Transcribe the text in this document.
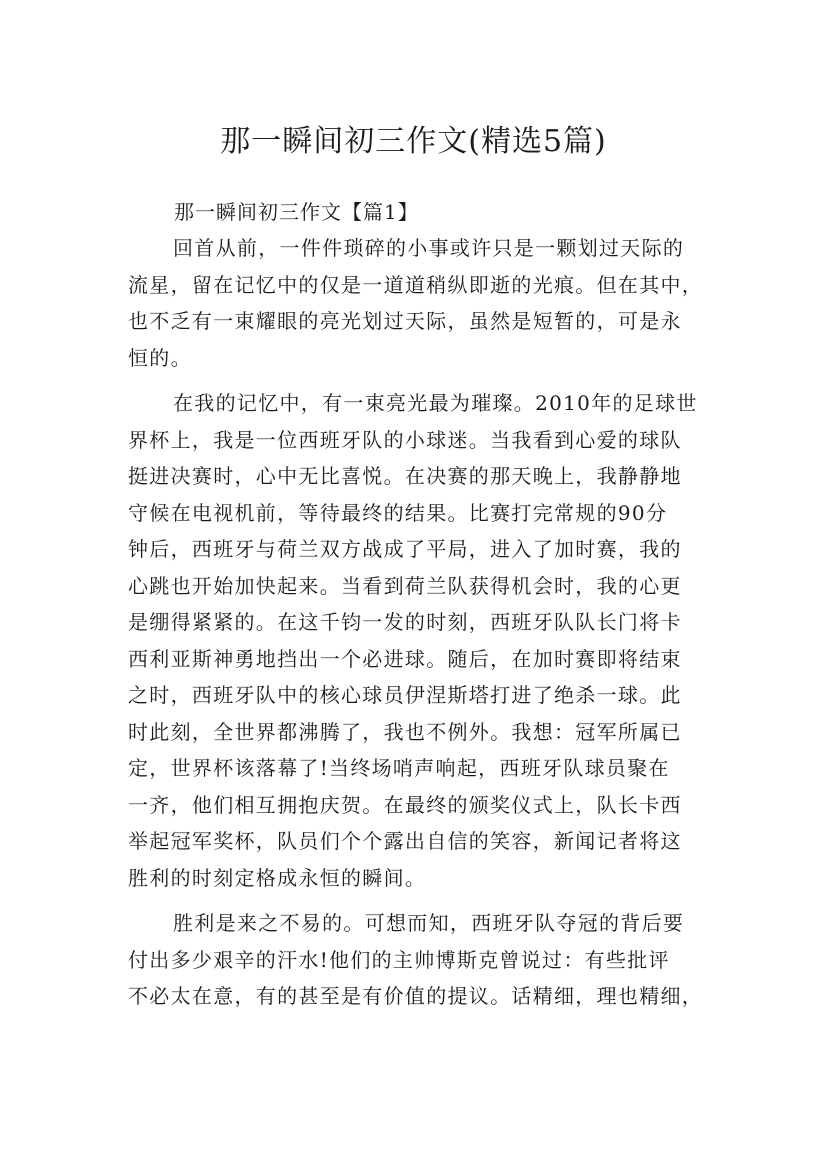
那一瞬间初三作文(精选5篇)
那一瞬间初三作文【篇1】
回首从前，一件件琐碎的小事或许只是一颗划过天际的
流星，留在记忆中的仅是一道道稍纵即逝的光痕。但在其中，
也不乏有一束耀眼的亮光划过天际，虽然是短暂的，可是永
恒的。
在我的记忆中，有一束亮光最为璀璨。2010年的足球世
界杯上，我是一位西班牙队的小球迷。当我看到心爱的球队
挺进决赛时，心中无比喜悦。在决赛的那天晚上，我静静地
守候在电视机前，等待最终的结果。比赛打完常规的90分
钟后，西班牙与荷兰双方战成了平局，进入了加时赛，我的
心跳也开始加快起来。当看到荷兰队获得机会时，我的心更
是绷得紧紧的。在这千钧一发的时刻，西班牙队队长门将卡
西利亚斯神勇地挡出一个必进球。随后，在加时赛即将结束
之时，西班牙队中的核心球员伊涅斯塔打进了绝杀一球。此
时此刻，全世界都沸腾了，我也不例外。我想：冠军所属已
定，世界杯该落幕了!当终场哨声响起，西班牙队球员聚在
一齐，他们相互拥抱庆贺。在最终的颁奖仪式上，队长卡西
举起冠军奖杯，队员们个个露出自信的笑容，新闻记者将这
胜利的时刻定格成永恒的瞬间。
胜利是来之不易的。可想而知，西班牙队夺冠的背后要
付出多少艰辛的汗水!他们的主帅博斯克曾说过：有些批评
不必太在意，有的甚至是有价值的提议。话精细，理也精细，
